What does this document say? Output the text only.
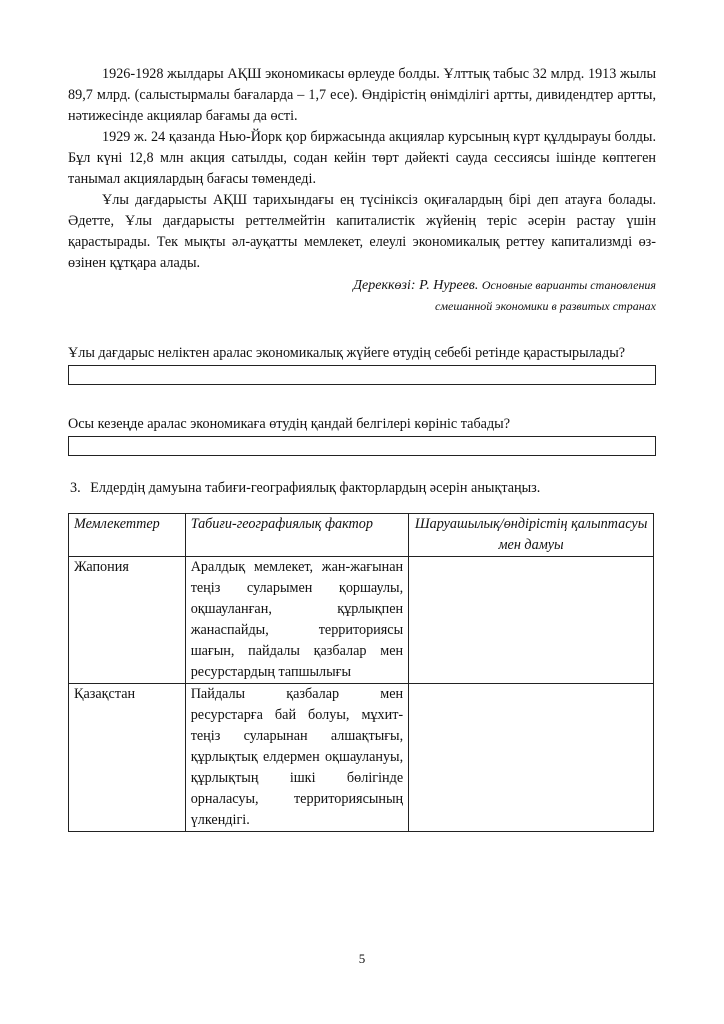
1926-1928 жылдары АҚШ экономикасы өрлеуде болды. Ұлттық табыс 32 млрд. 1913 жылы 89,7 млрд. (салыстырмалы бағаларда – 1,7 есе). Өндірістің өнімділігі артты, дивидендтер артты, нәтижесінде акциялар бағамы да өсті.

1929 ж. 24 қазанда Нью-Йорк қор биржасында акциялар курсының күрт құлдырауы болды. Бұл күні 12,8 млн акция сатылды, содан кейін төрт дәйекті сауда сессиясы ішінде көптеген танымал акциялардың бағасы төмендеді.

Ұлы дағдарысты АҚШ тарихындағы ең түсініксіз оқиғалардың бірі деп атауға болады. Әдетте, Ұлы дағдарысты реттелмейтін капиталистік жүйенің теріс әсерін растау үшін қарастырады. Тек мықты әл-ауқатты мемлекет, елеулі экономикалық реттеу капитализмді өз-өзінен құтқара алады.

Дереккөзі: Р. Нуреев. Основные варианты становления
смешанной экономики в развитых странах
Ұлы дағдарыс неліктен аралас экономикалық жүйеге өтудің себебі ретінде қарастырылады?
Осы кезеңде аралас экономикаға өтудің қандай белгілері көрініс табады?
3. Елдердің дамуына табиғи-географиялық факторлардың әсерін анықтаңыз.
Мемлекеттер	Табиғи-географиялық фактор	Шаруашылық/өндірістің қалыптасуы мен дамуы
Жапония	Аралдық мемлекет, жан-жағынан теңіз суларымен қоршаулы, оқшауланған, құрлықпен жанаспайды, территориясы шағын, пайдалы қазбалар мен ресурстардың тапшылығы	
Қазақстан	Пайдалы қазбалар мен ресурстарға бай болуы, мұхит-теңіз суларынан алшақтығы, құрлықтық елдермен оқшаулануы, құрлықтың ішкі бөлігінде орналасуы, территориясының үлкендігі.	
5
